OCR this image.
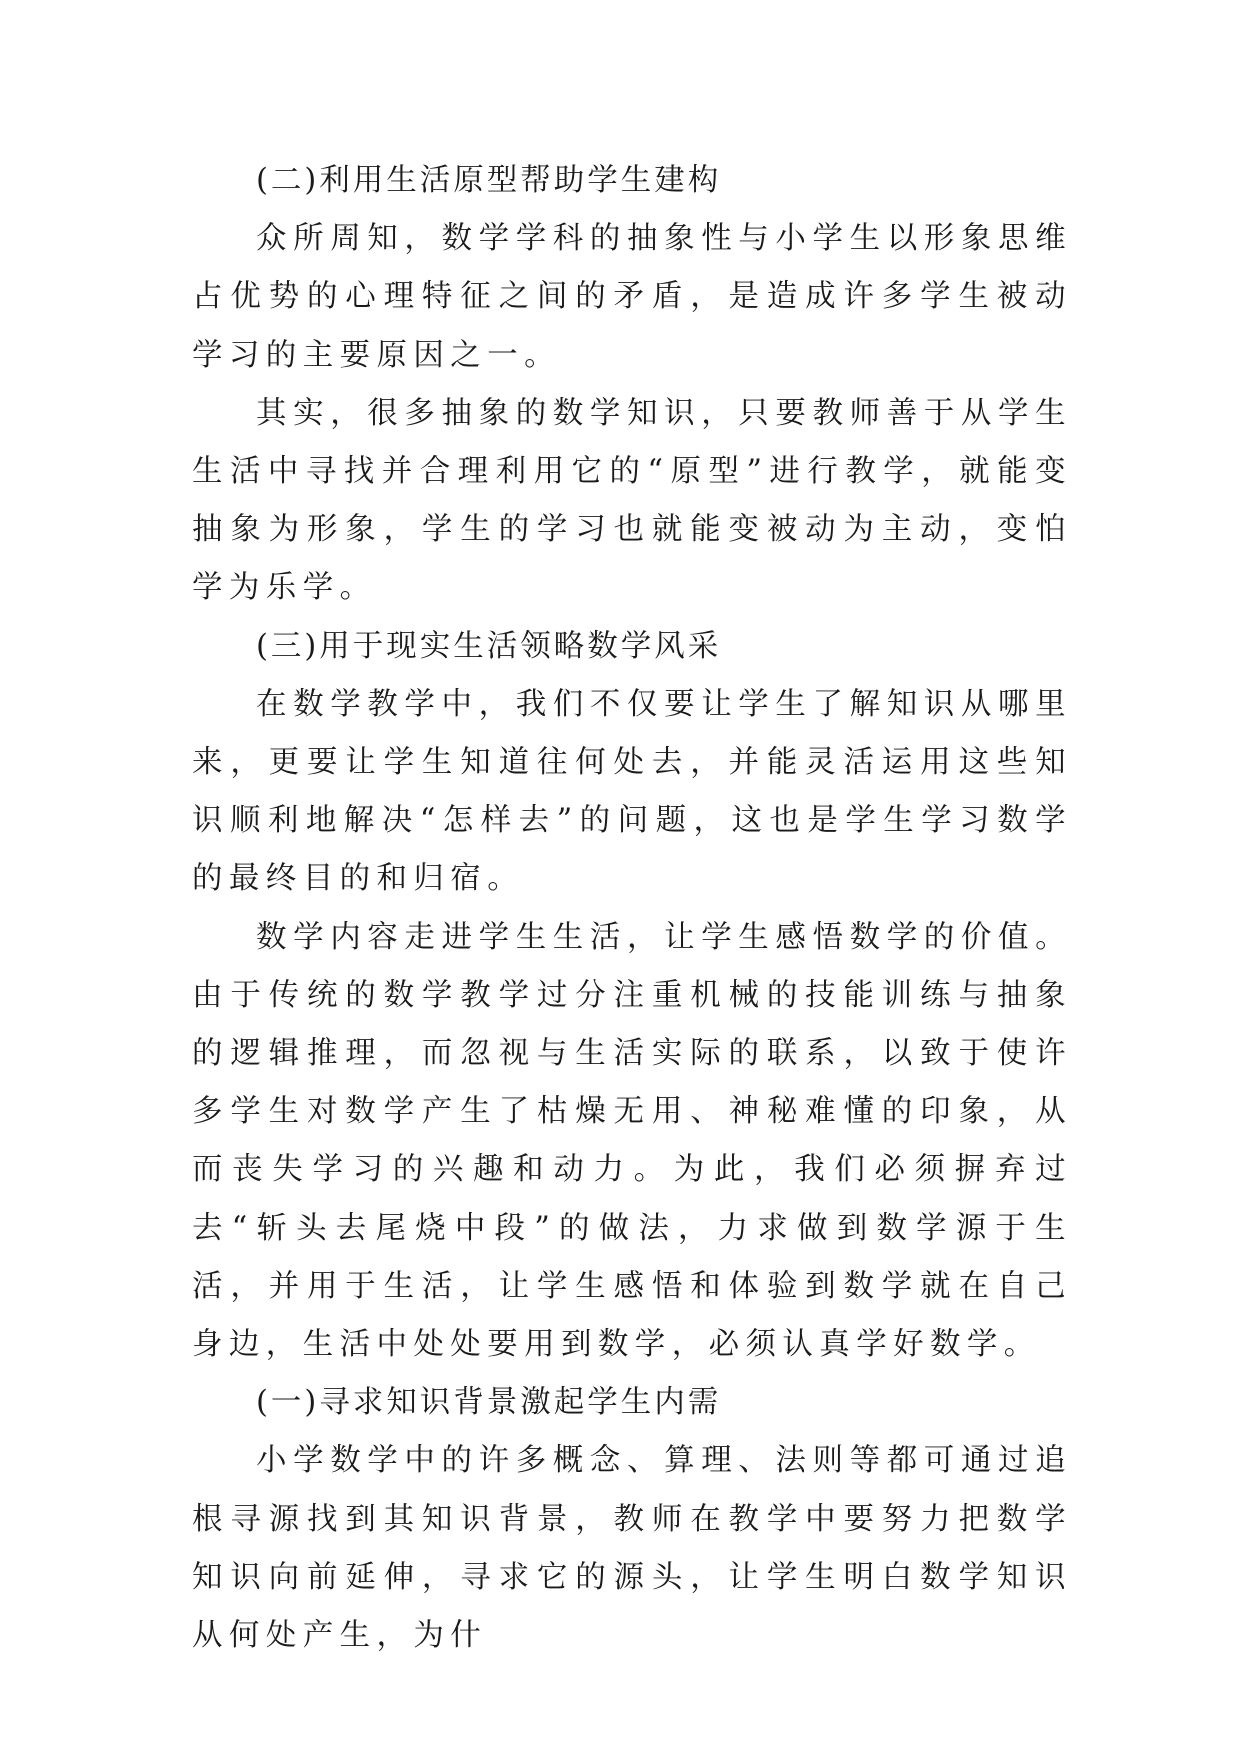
(二)利用生活原型帮助学生建构

众所周知，数学学科的抽象性与小学生以形象思维占优势的心理特征之间的矛盾，是造成许多学生被动学习的主要原因之一。

其实，很多抽象的数学知识，只要教师善于从学生生活中寻找并合理利用它的“原型”进行教学，就能变抽象为形象，学生的学习也就能变被动为主动，变怕学为乐学。

(三)用于现实生活领略数学风采

在数学教学中，我们不仅要让学生了解知识从哪里来，更要让学生知道往何处去，并能灵活运用这些知识顺利地解决“怎样去”的问题，这也是学生学习数学的最终目的和归宿。

数学内容走进学生生活，让学生感悟数学的价值。由于传统的数学教学过分注重机械的技能训练与抽象的逻辑推理，而忽视与生活实际的联系，以致于使许多学生对数学产生了枯燥无用、神秘难懂的印象，从而丧失学习的兴趣和动力。为此，我们必须摒弃过去“斩头去尾烧中段”的做法，力求做到数学源于生活，并用于生活，让学生感悟和体验到数学就在自己身边，生活中处处要用到数学，必须认真学好数学。

(一)寻求知识背景激起学生内需

小学数学中的许多概念、算理、法则等都可通过追根寻源找到其知识背景，教师在教学中要努力把数学知识向前延伸，寻求它的源头，让学生明白数学知识从何处产生，为什
